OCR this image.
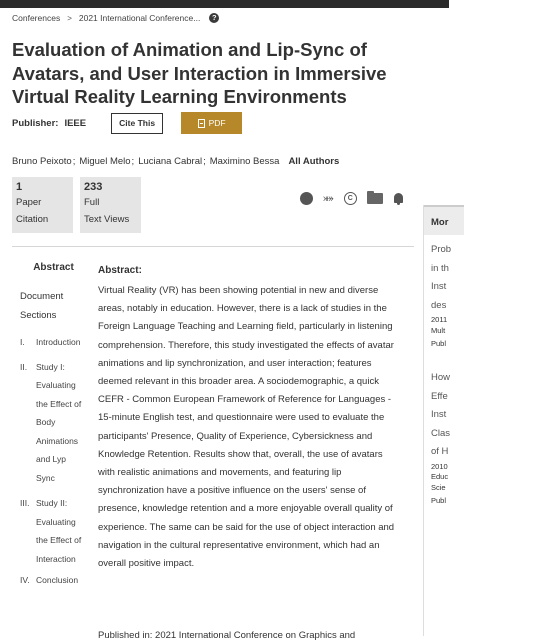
Conferences > 2021 International Conference...	?
Evaluation of Animation and Lip-Sync of Avatars, and User Interaction in Immersive Virtual Reality Learning Environments
Publisher: IEEE	Cite This	PDF
Bruno Peixoto ; Miguel Melo ; Luciana Cabral ; Maximino Bessa All Authors
1
Paper
Citation
233
Full
Text Views
R	⤘	C
Mor
Prob
in th
Inst
des
2011
Mult
Publ
How
Effe
Inst
Clas
of H
2010
Educ
Scie
Publ
Abstract
Document Sections
I.	Introduction
II.	Study I: Evaluating the Effect of Body Animations and Lyp Sync
III. Study II: Evaluating the Effect of Interaction
IV. Conclusion
Abstract:

Virtual Reality (VR) has been showing potential in new and diverse areas, notably in education. However, there is a lack of studies in the Foreign Language Teaching and Learning field, particularly in listening comprehension. Therefore, this study investigated the effects of avatar animations and lip synchronization, and user interaction; features deemed relevant in this broader area. A sociodemographic, a quick CEFR - Common European Framework of Reference for Languages - 15-minute English test, and questionnaire were used to evaluate the participants' Presence, Quality of Experience, Cybersickness and Knowledge Retention. Results show that, overall, the use of avatars with realistic animations and movements, and featuring lip synchronization have a positive influence on the users' sense of presence, knowledge retention and a more enjoyable overall quality of experience. The same can be said for the use of object interaction and navigation in the cultural representative environment, which had an overall positive impact.

Published in: 2021 International Conference on Graphics and
